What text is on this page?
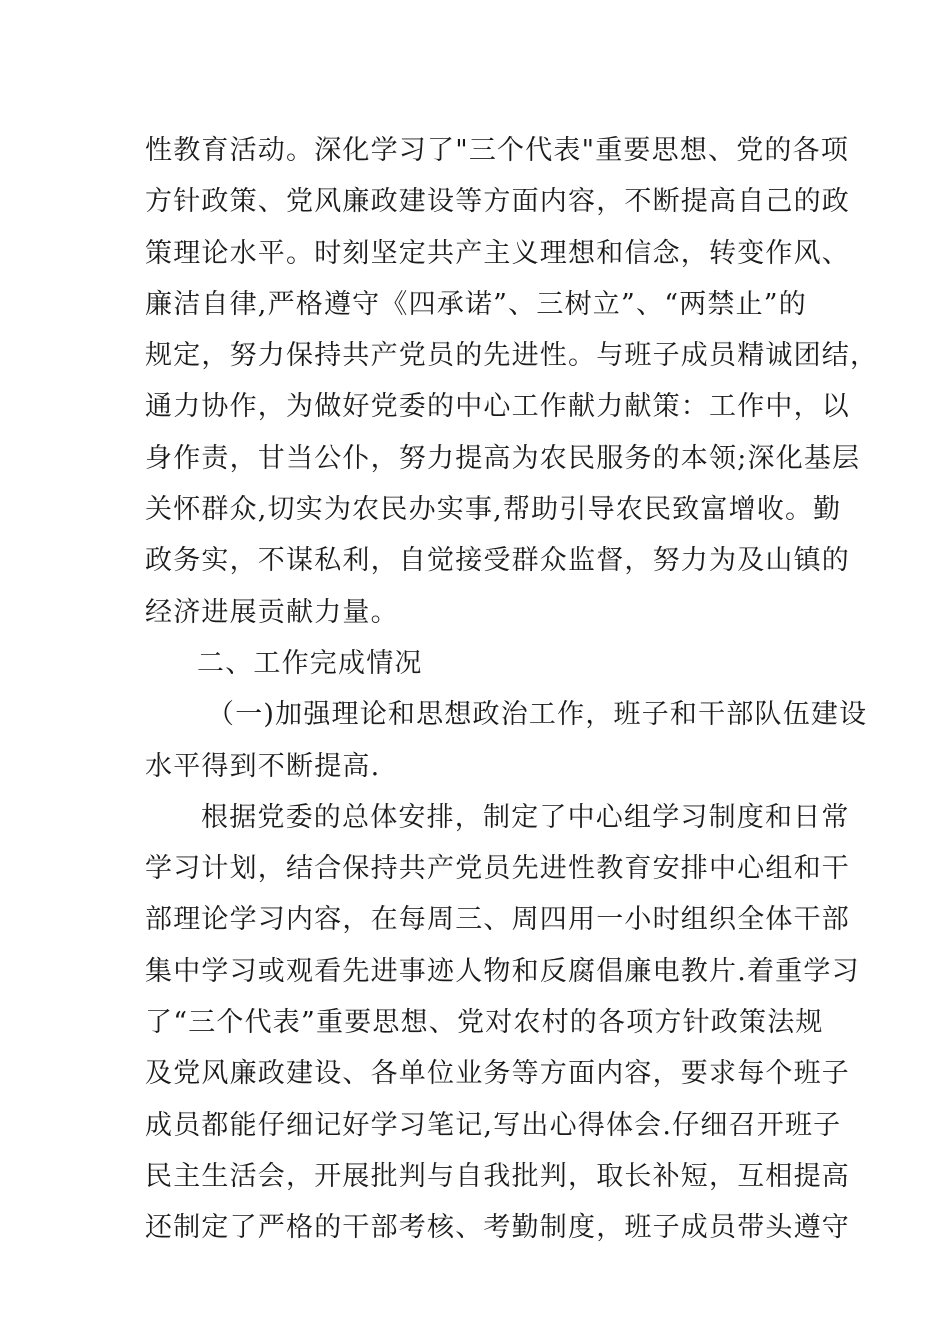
性教育活动。深化学习了"三个代表"重要思想、党的各项
方针政策、党风廉政建设等方面内容，不断提高自己的政
策理论水平。时刻坚定共产主义理想和信念，转变作风、
廉洁自律,严格遵守《四承诺”、三树立”、“两禁止”的
规定，努力保持共产党员的先进性。与班子成员精诚团结，
通力协作，为做好党委的中心工作献力献策：工作中，以
身作责，甘当公仆，努力提高为农民服务的本领;深化基层
关怀群众,切实为农民办实事,帮助引导农民致富增收。勤
政务实，不谋私利，自觉接受群众监督，努力为及山镇的
经济进展贡献力量。
二、工作完成情况
（一)加强理论和思想政治工作，班子和干部队伍建设
水平得到不断提高.
根据党委的总体安排，制定了中心组学习制度和日常
学习计划，结合保持共产党员先进性教育安排中心组和干
部理论学习内容，在每周三、周四用一小时组织全体干部
集中学习或观看先进事迹人物和反腐倡廉电教片.着重学习
了“三个代表”重要思想、党对农村的各项方针政策法规
及党风廉政建设、各单位业务等方面内容，要求每个班子
成员都能仔细记好学习笔记,写出心得体会.仔细召开班子
民主生活会，开展批判与自我批判，取长补短，互相提高
还制定了严格的干部考核、考勤制度，班子成员带头遵守
